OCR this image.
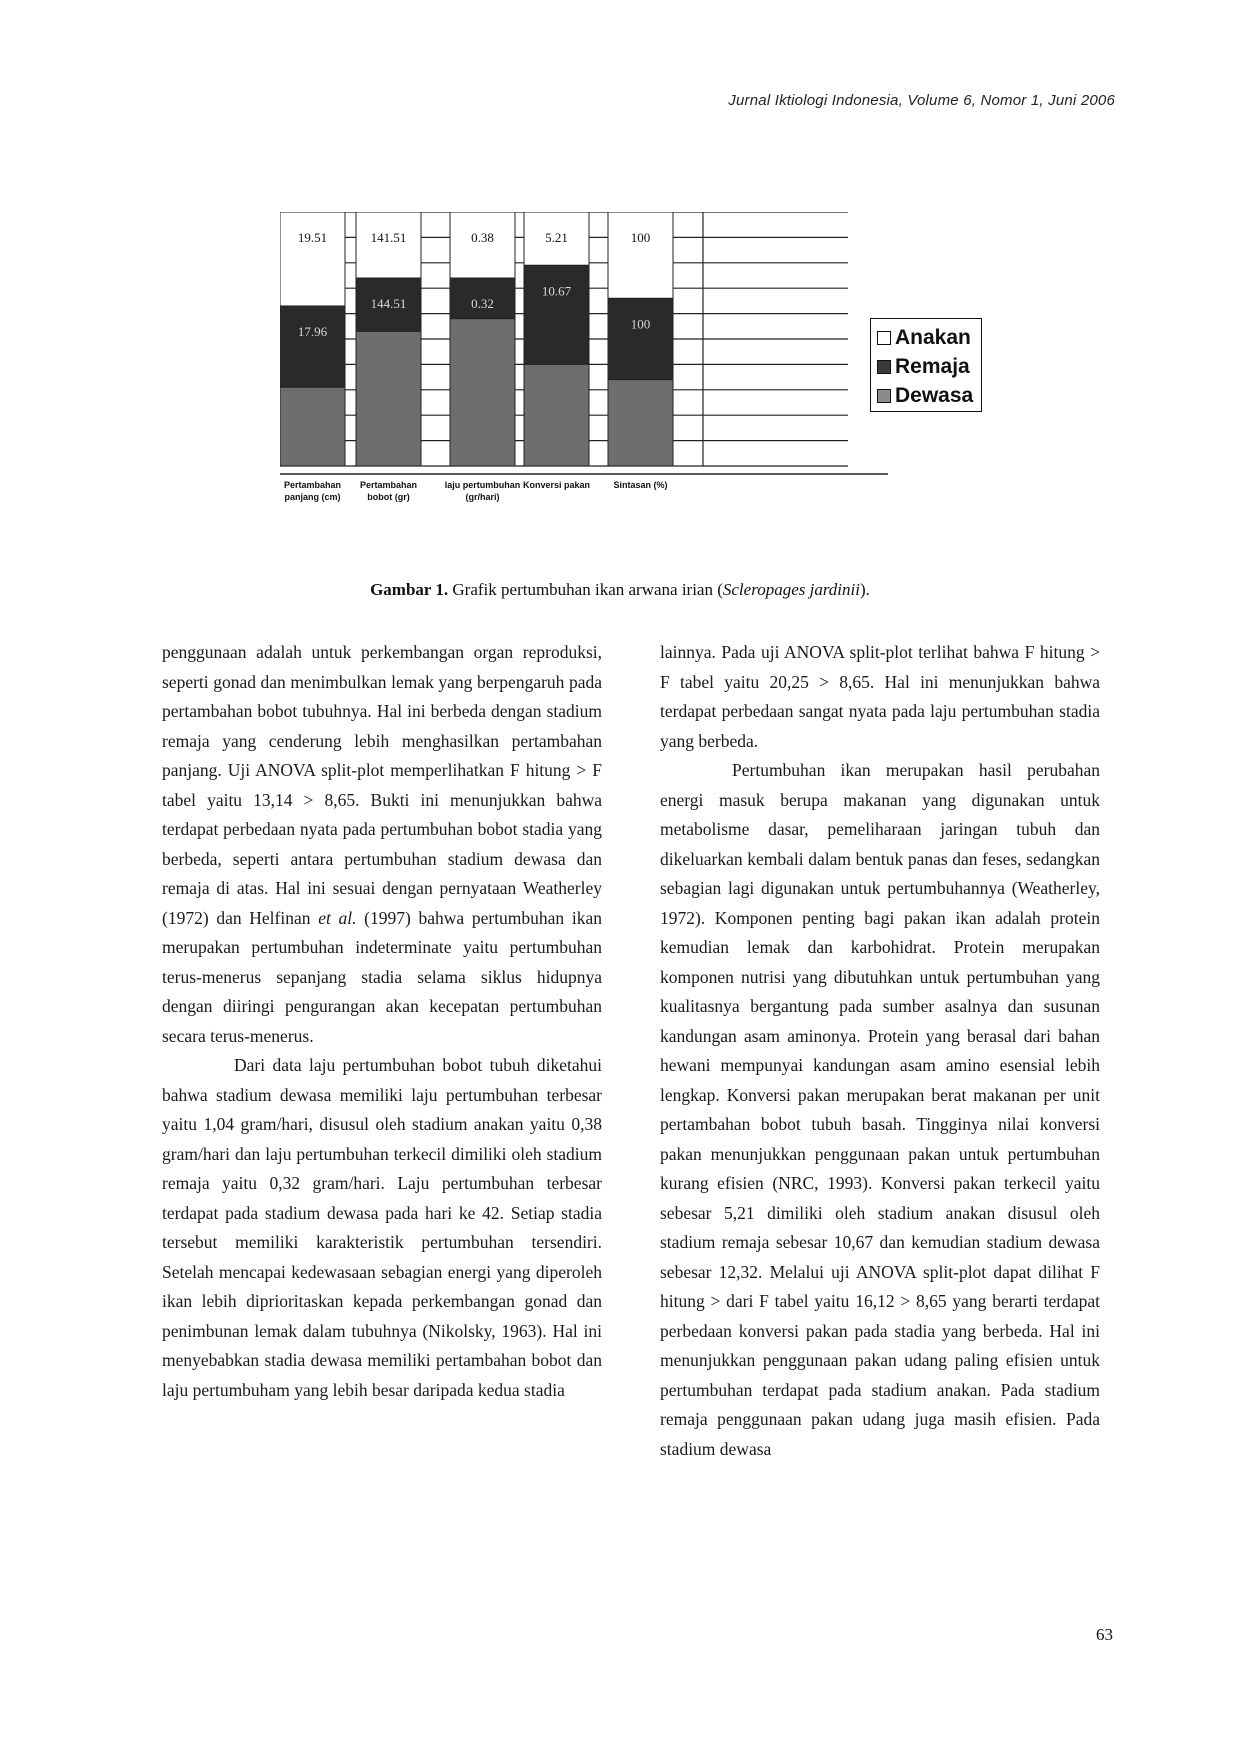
Jurnal Iktiologi Indonesia, Volume 6, Nomor 1, Juni 2006
19.51
17.96
Pertambahan
panjang (cm)
141.51
144.51
Pertambahan
bobot (gr)
0.38
0.32
laju pertumbuhan
(gr/hari)
5.21
10.67
Konversi pakan
100
100
Sintasan (%)
Anakan
Remaja
Dewasa
Gambar 1. Grafik pertumbuhan ikan arwana irian (Scleropages jardinii).

penggunaan adalah untuk perkembangan organ reproduksi, seperti gonad dan menimbulkan lemak yang berpengaruh pada pertambahan bobot tubuhnya. Hal ini berbeda dengan stadium remaja yang cenderung lebih menghasilkan pertambahan panjang. Uji ANOVA split-plot memperlihatkan F hitung > F tabel yaitu 13,14 > 8,65. Bukti ini menunjukkan bahwa terdapat perbedaan nyata pada pertumbuhan bobot stadia yang berbeda, seperti antara pertumbuhan stadium dewasa dan remaja di atas. Hal ini sesuai dengan pernyataan Weatherley (1972) dan Helfinan et al. (1997) bahwa pertumbuhan ikan merupakan pertumbuhan indeterminate yaitu pertumbuhan terus-menerus sepanjang stadia selama siklus hidupnya dengan diiringi pengurangan akan kecepatan pertumbuhan secara terus-menerus.

Dari data laju pertumbuhan bobot tubuh diketahui bahwa stadium dewasa memiliki laju pertumbuhan terbesar yaitu 1,04 gram/hari, disusul oleh stadium anakan yaitu 0,38 gram/hari dan laju pertumbuhan terkecil dimiliki oleh stadium remaja yaitu 0,32 gram/hari. Laju pertumbuhan terbesar terdapat pada stadium dewasa pada hari ke 42. Setiap stadia tersebut memiliki karakteristik pertumbuhan tersendiri. Setelah mencapai kedewasaan sebagian energi yang diperoleh ikan lebih diprioritaskan kepada perkembangan gonad dan penimbunan lemak dalam tubuhnya (Nikolsky, 1963). Hal ini menyebabkan stadia dewasa memiliki pertambahan bobot dan laju pertumbuham yang lebih besar daripada kedua stadia

lainnya. Pada uji ANOVA split-plot terlihat bahwa F hitung > F tabel yaitu 20,25 > 8,65. Hal ini menunjukkan bahwa terdapat perbedaan sangat nyata pada laju pertumbuhan stadia yang berbeda.

Pertumbuhan ikan merupakan hasil perubahan energi masuk berupa makanan yang digunakan untuk metabolisme dasar, pemeliharaan jaringan tubuh dan dikeluarkan kembali dalam bentuk panas dan feses, sedangkan sebagian lagi digunakan untuk pertumbuhannya (Weatherley, 1972). Komponen penting bagi pakan ikan adalah protein kemudian lemak dan karbohidrat. Protein merupakan komponen nutrisi yang dibutuhkan untuk pertumbuhan yang kualitasnya bergantung pada sumber asalnya dan susunan kandungan asam aminonya. Protein yang berasal dari bahan hewani mempunyai kandungan asam amino esensial lebih lengkap. Konversi pakan merupakan berat makanan per unit pertambahan bobot tubuh basah. Tingginya nilai konversi pakan menunjukkan penggunaan pakan untuk pertumbuhan kurang efisien (NRC, 1993). Konversi pakan terkecil yaitu sebesar 5,21 dimiliki oleh stadium anakan disusul oleh stadium remaja sebesar 10,67 dan kemudian stadium dewasa sebesar 12,32. Melalui uji ANOVA split-plot dapat dilihat F hitung > dari F tabel yaitu 16,12 > 8,65 yang berarti terdapat perbedaan konversi pakan pada stadia yang berbeda. Hal ini menunjukkan penggunaan pakan udang paling efisien untuk pertumbuhan terdapat pada stadium anakan. Pada stadium remaja penggunaan pakan udang juga masih efisien. Pada stadium dewasa

63
